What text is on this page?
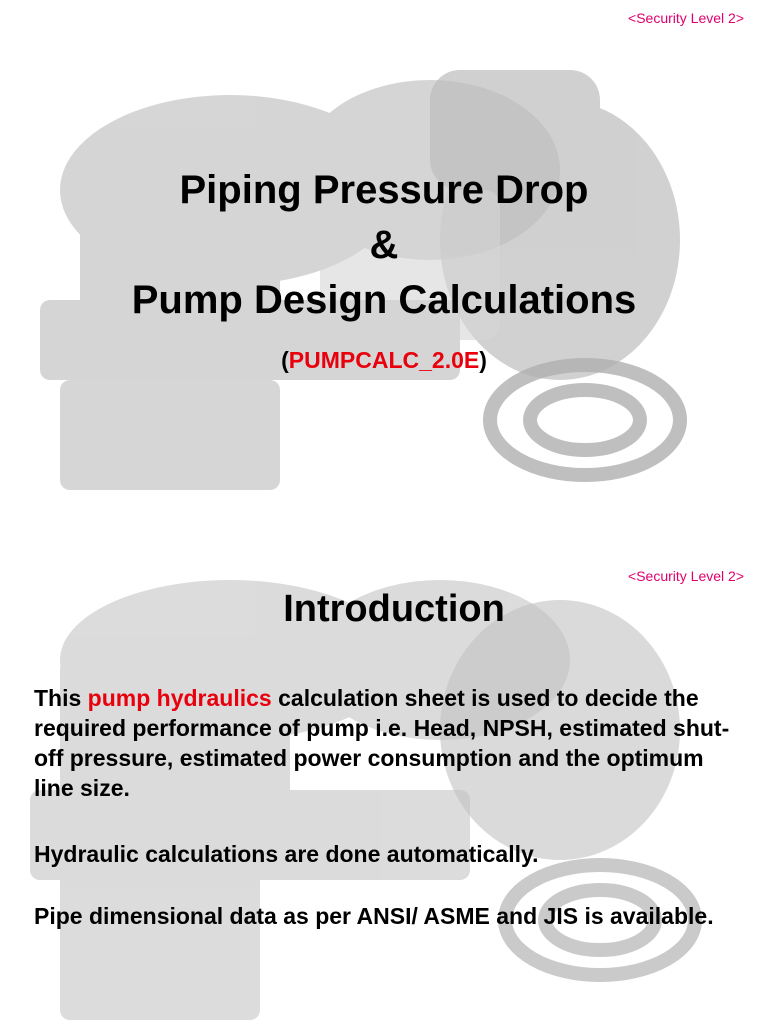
<Security Level 2>
Piping Pressure Drop
&
Pump Design Calculations
(PUMPCALC_2.0E)
<Security Level 2>
Introduction

This pump hydraulics calculation sheet is used to decide the required performance of pump i.e. Head, NPSH, estimated shut-off pressure, estimated power consumption and the optimum line size.

Hydraulic calculations are done automatically.
Pipe dimensional data as per ANSI/ ASME and JIS is available.
